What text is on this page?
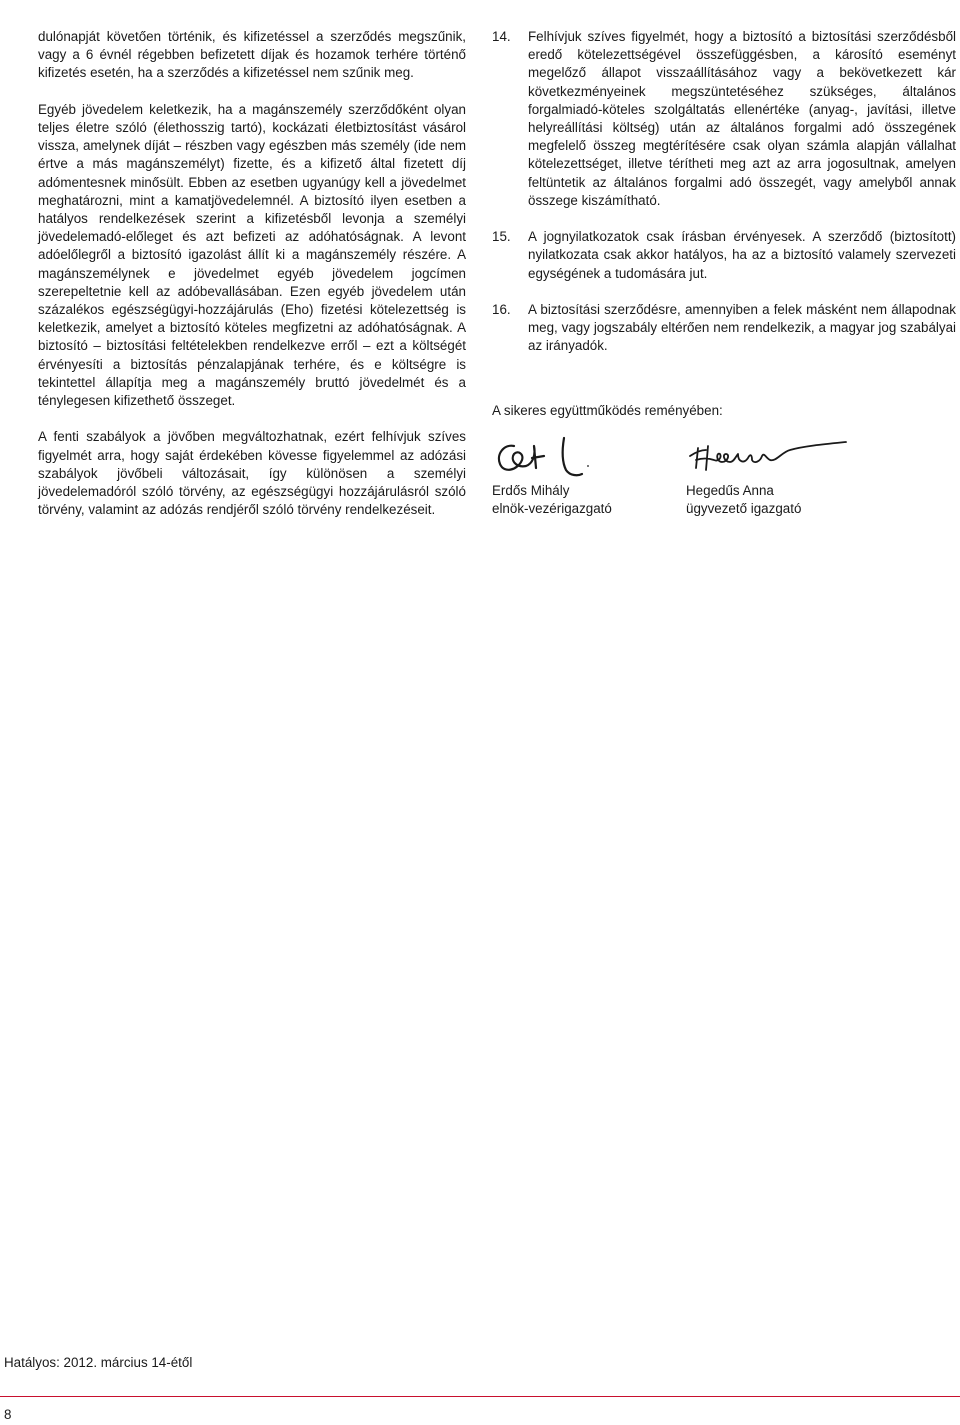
dulónapját követően történik, és kifizetéssel a szerződés megszűnik, vagy a 6 évnél régebben befizetett díjak és hozamok terhére történő kifizetés esetén, ha a szerződés a kifizetéssel nem szűnik meg.

Egyéb jövedelem keletkezik, ha a magánszemély szerződőként olyan teljes életre szóló (élethosszig tartó), kockázati életbiztosítást vásárol vissza, amelynek díját – részben vagy egészben más személy (ide nem értve a más magánszemélyt) fizette, és a kifizető által fizetett díj adómentesnek minősült. Ebben az esetben ugyanúgy kell a jövedelmet meghatározni, mint a kamatjövedelemnél. A biztosító ilyen esetben a hatályos rendelkezések szerint a kifizetésből levonja a személyi jövedelemadó-előleget és azt befizeti az adóhatóságnak. A levont adóelőlegről a biztosító igazolást állít ki a magánszemély részére. A magánszemélynek e jövedelmet egyéb jövedelem jogcímen szerepeltetnie kell az adóbevallásában. Ezen egyéb jövedelem után százalékos egészségügyi-hozzájárulás (Eho) fizetési kötelezettség is keletkezik, amelyet a biztosító köteles megfizetni az adóhatóságnak. A biztosító – biztosítási feltételekben rendelkezve erről – ezt a költségét érvényesíti a biztosítás pénzalapjának terhére, és e költségre is tekintettel állapítja meg a magánszemély bruttó jövedelmét és a ténylegesen kifizethető összeget.

A fenti szabályok a jövőben megváltozhatnak, ezért felhívjuk szíves figyelmét arra, hogy saját érdekében kövesse figyelemmel az adózási szabályok jövőbeli változásait, így különösen a személyi jövedelemadóról szóló törvény, az egészségügyi hozzájárulásról szóló törvény, valamint az adózás rendjéről szóló törvény rendelkezéseit.

14.	Felhívjuk szíves figyelmét, hogy a biztosító a biztosítási szerződésből eredő kötelezettségével összefüggésben, a károsító eseményt megelőző állapot visszaállításához vagy a bekövetkezett kár következményeinek megszüntetéséhez szükséges, általános forgalmiadó-köteles szolgáltatás ellenértéke (anyag-, javítási, illetve helyreállítási költség) után az általános forgalmi adó összegének megfelelő összeg megtérítésére csak olyan számla alapján vállalhat kötelezettséget, illetve térítheti meg azt az arra jogosultnak, amelyen feltüntetik az általános forgalmi adó összegét, vagy amelyből annak összege kiszámítható.
15.	A jognyilatkozatok csak írásban érvényesek. A szerződő (biztosított) nyilatkozata csak akkor hatályos, ha az a biztosító valamely szervezeti egységének a tudomására jut.
16.	A biztosítási szerződésre, amennyiben a felek másként nem állapodnak meg, vagy jogszabály eltérően nem rendelkezik, a magyar jog szabályai az irányadók.
A sikeres együttműködés reményében:
Erdős Mihály
elnök-vezérigazgató
Hegedűs Anna
ügyvezető igazgató
Hatályos: 2012. március 14-étől
8
